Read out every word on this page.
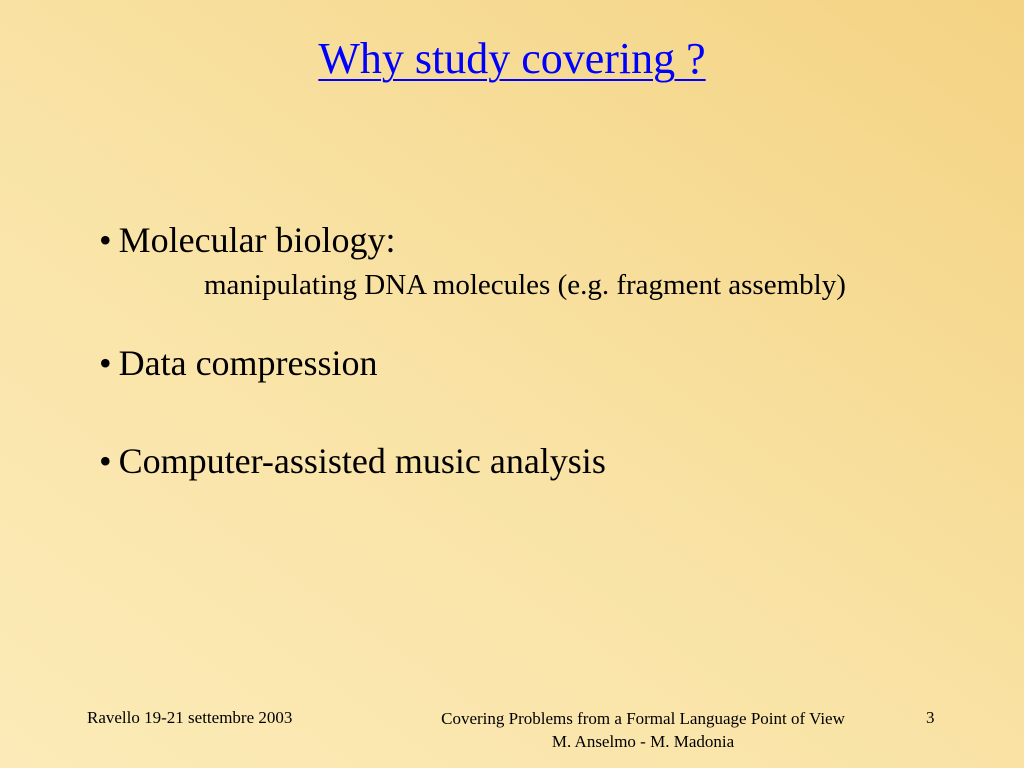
Why study covering ?
• Molecular biology:
manipulating DNA molecules (e.g. fragment assembly)
• Data compression
• Computer-assisted music analysis
Ravello 19-21 settembre 2003	Covering Problems from a Formal Language Point of View
M. Anselmo - M. Madonia
3
